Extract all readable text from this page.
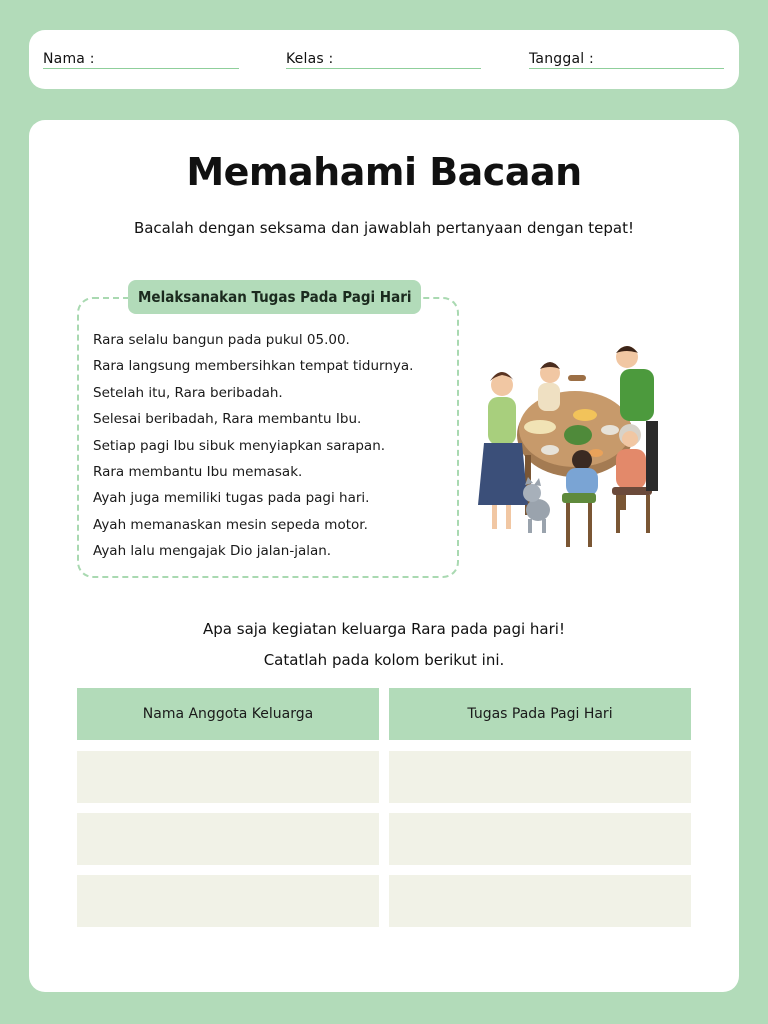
Nama :	Kelas :	Tanggal :
Memahami Bacaan
Bacalah dengan seksama dan jawablah pertanyaan dengan tepat!
Melaksanakan Tugas Pada Pagi Hari
Rara selalu bangun pada pukul 05.00.
Rara langsung membersihkan tempat tidurnya.
Setelah itu, Rara beribadah.
Selesai beribadah, Rara membantu Ibu.
Setiap pagi Ibu sibuk menyiapkan sarapan.
Rara membantu Ibu memasak.
Ayah juga memiliki tugas pada pagi hari.
Ayah memanaskan mesin sepeda motor.
Ayah lalu mengajak Dio jalan-jalan.
Apa saja kegiatan keluarga Rara pada pagi hari!
Catatlah pada kolom berikut ini.
Nama Anggota Keluarga	Tugas Pada Pagi Hari
